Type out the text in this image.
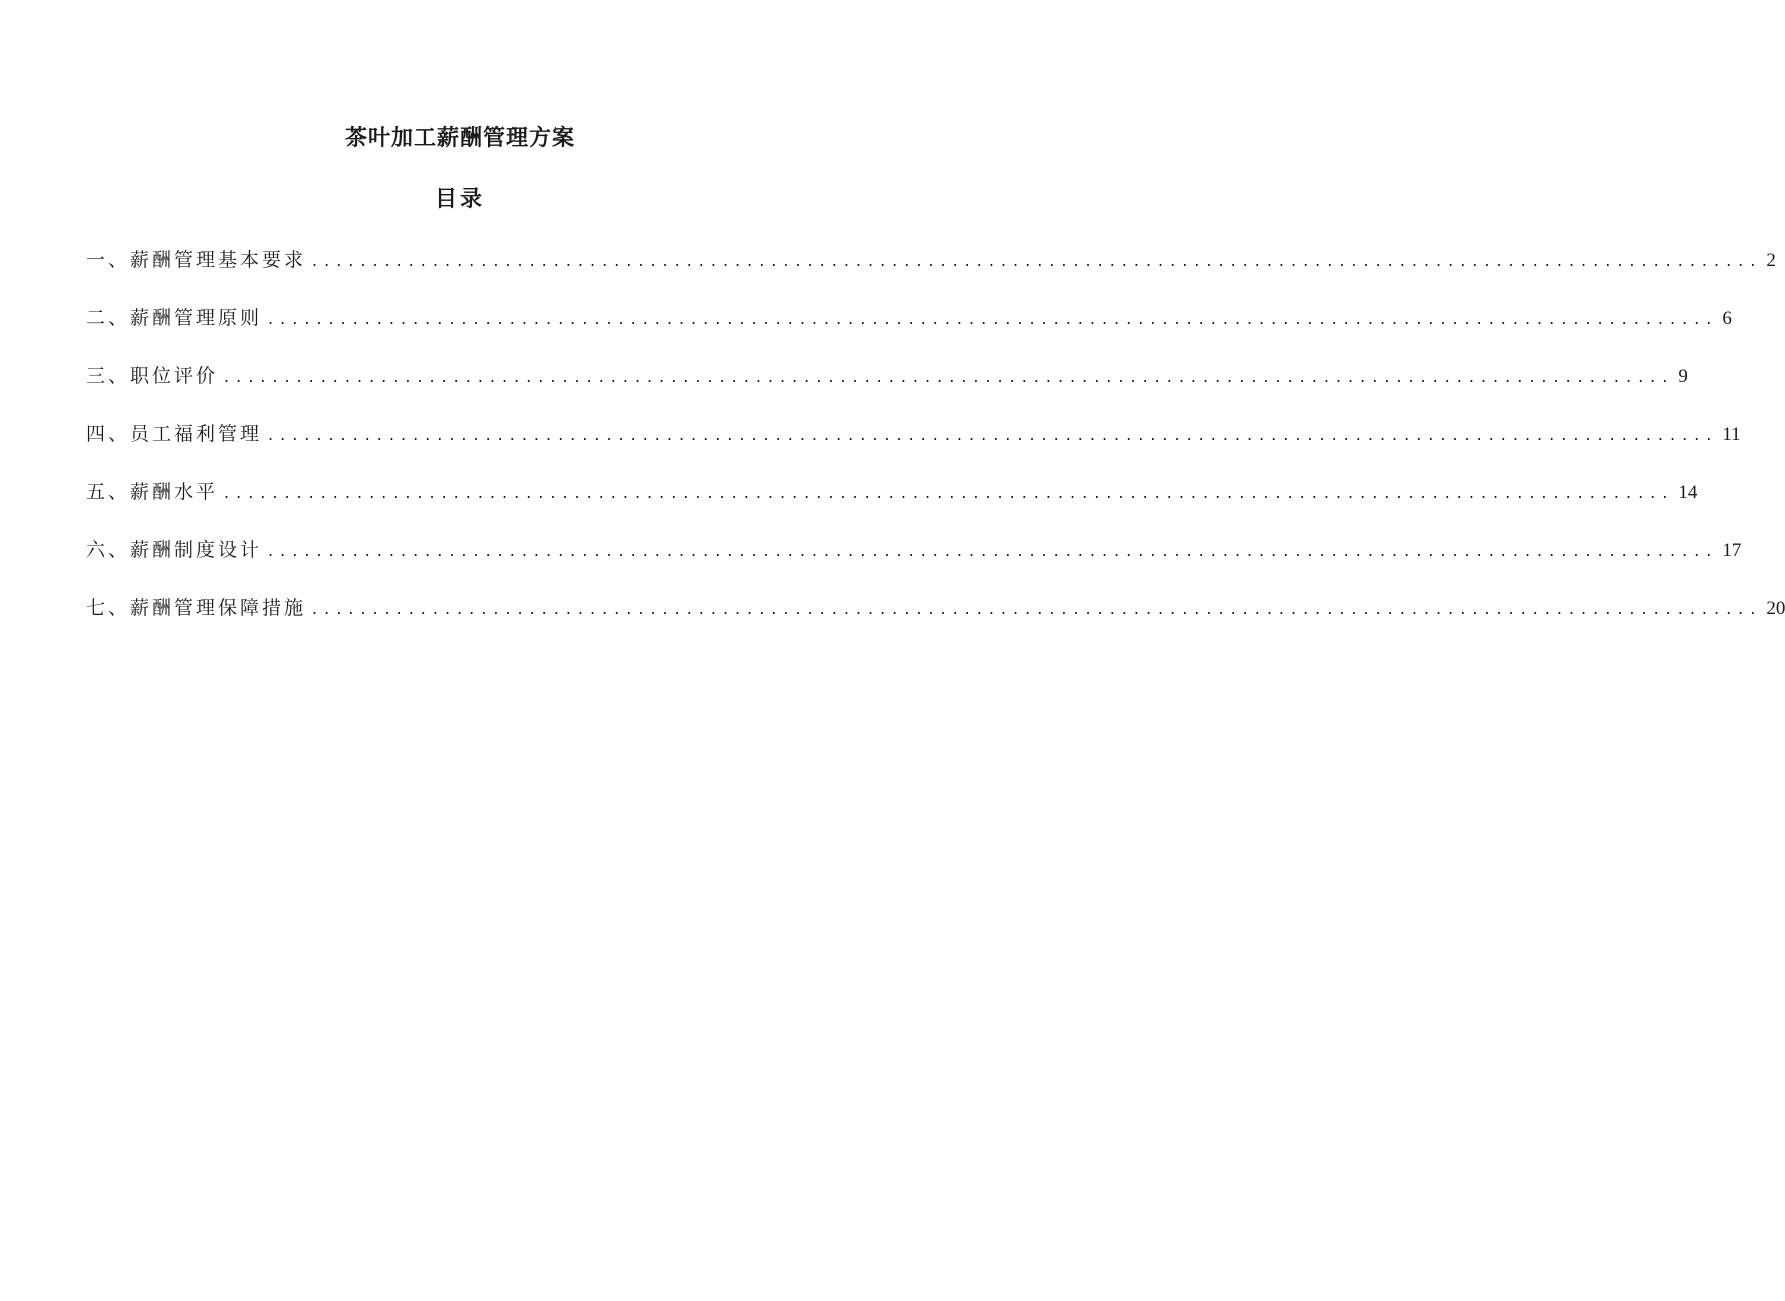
茶叶加工薪酬管理方案
目录
一、 薪酬管理基本要求 ........................................................................................................................ 2
二、 薪酬管理原则 ........................................................................................................................ 6
三、 职位评价 ........................................................................................................................ 9
四、 员工福利管理 ........................................................................................................................ 11
五、 薪酬水平 ........................................................................................................................ 14
六、 薪酬制度设计 ........................................................................................................................ 17
七、 薪酬管理保障措施 ........................................................................................................................ 20
